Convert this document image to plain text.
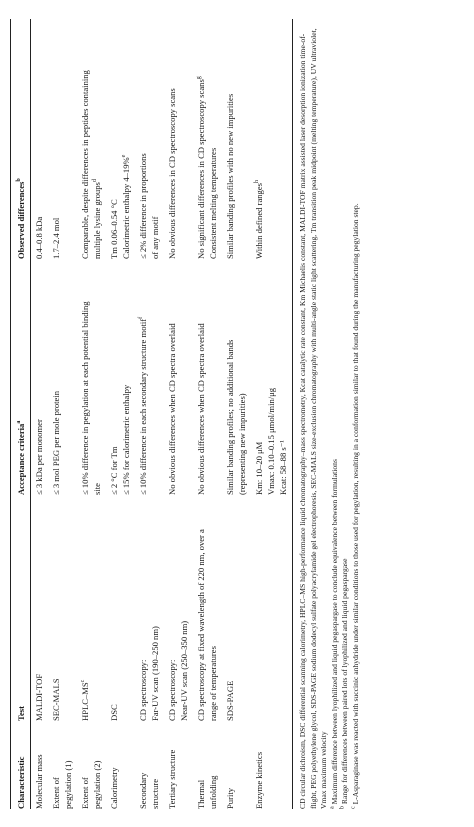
Characteristic	Test	Acceptance criteria$^a$	Observed differences$^b$

Molecular mass	MALDI-TOF	≤ 3 kDa per monomer	0.4–0.8 kDa

Extent of pegylation (1)	SEC-MALS	≤ 3 mol PEG per mole protein	1.7–2.4 mol

Extent of pegylation (2)	HPLC–$MS^c$	≤ 10% difference in pegylation at each potential binding site	Comparable, despite differences in peptides containing multiple lysine groups$^d$

Calorimetry	DSC	≤ 2 °C for Tm ≤ 15% for calorimetric enthalpy	Tm 0.06–0.54 °C Calorimetric enthalpy 4–19%$^e$

Secondary structure	CD spectroscopy: Far-UV scan (190–250 nm)	≤ 10% difference in each secondary structure motif$^f$	≤ 2% difference in proportions of any motif

Tertiary structure	CD spectroscopy: Near-UV scan (250–350 nm)	No obvious differences when CD spectra overlaid	No obvious differences in CD spectroscopy scans

Thermal unfolding	CD spectroscopy at fixed wavelength of 220 nm, over a range of temperatures	No obvious differences when CD spectra overlaid	No significant differences in CD spectroscopy scans$^g$
Consistent melting temperatures

Purity	SDS-PAGE	Similar banding profiles; no additional bands (representing new impurities)	Similar banding profiles with no new impurities

Enzyme kinetics		Km: 10–20 μM Vmax: 0.10–0.15 μmol/min/μg Kcat: 58–88 s⁻¹	Within defined ranges$^h$	CD circular dichroism, DSC differential scanning calorimetry, HPLC–MS high-performance liquid chromatography–mass spectrometry, Kcat catalytic rate constant, Km Michaelis constant, MALDI-TOF matrix assisted laser desorption ionization time-of-flight, PEG polyethylene glycol, SDS-PAGE sodium dodecyl sulfate polyacrylamide gel electrophoresis, SEC-MALS size-exclusion chromatography with multi-angle static light scattering, Tm transition peak midpoint (melting temperature), UV ultraviolet, Vmax maximum velocity $^a$ Maximum difference between lyophilized and liquid pegaspargase to conclude equivalence between formulations

$^b$ Range for differences between paired lots of lyophilized and liquid pegaspargase

$^c$ L-Asparaginase was reacted with succinic anhydride under similar conditions to those used for pegylation, resulting in a conformation similar to that found during the manufacturing pegylation step.
